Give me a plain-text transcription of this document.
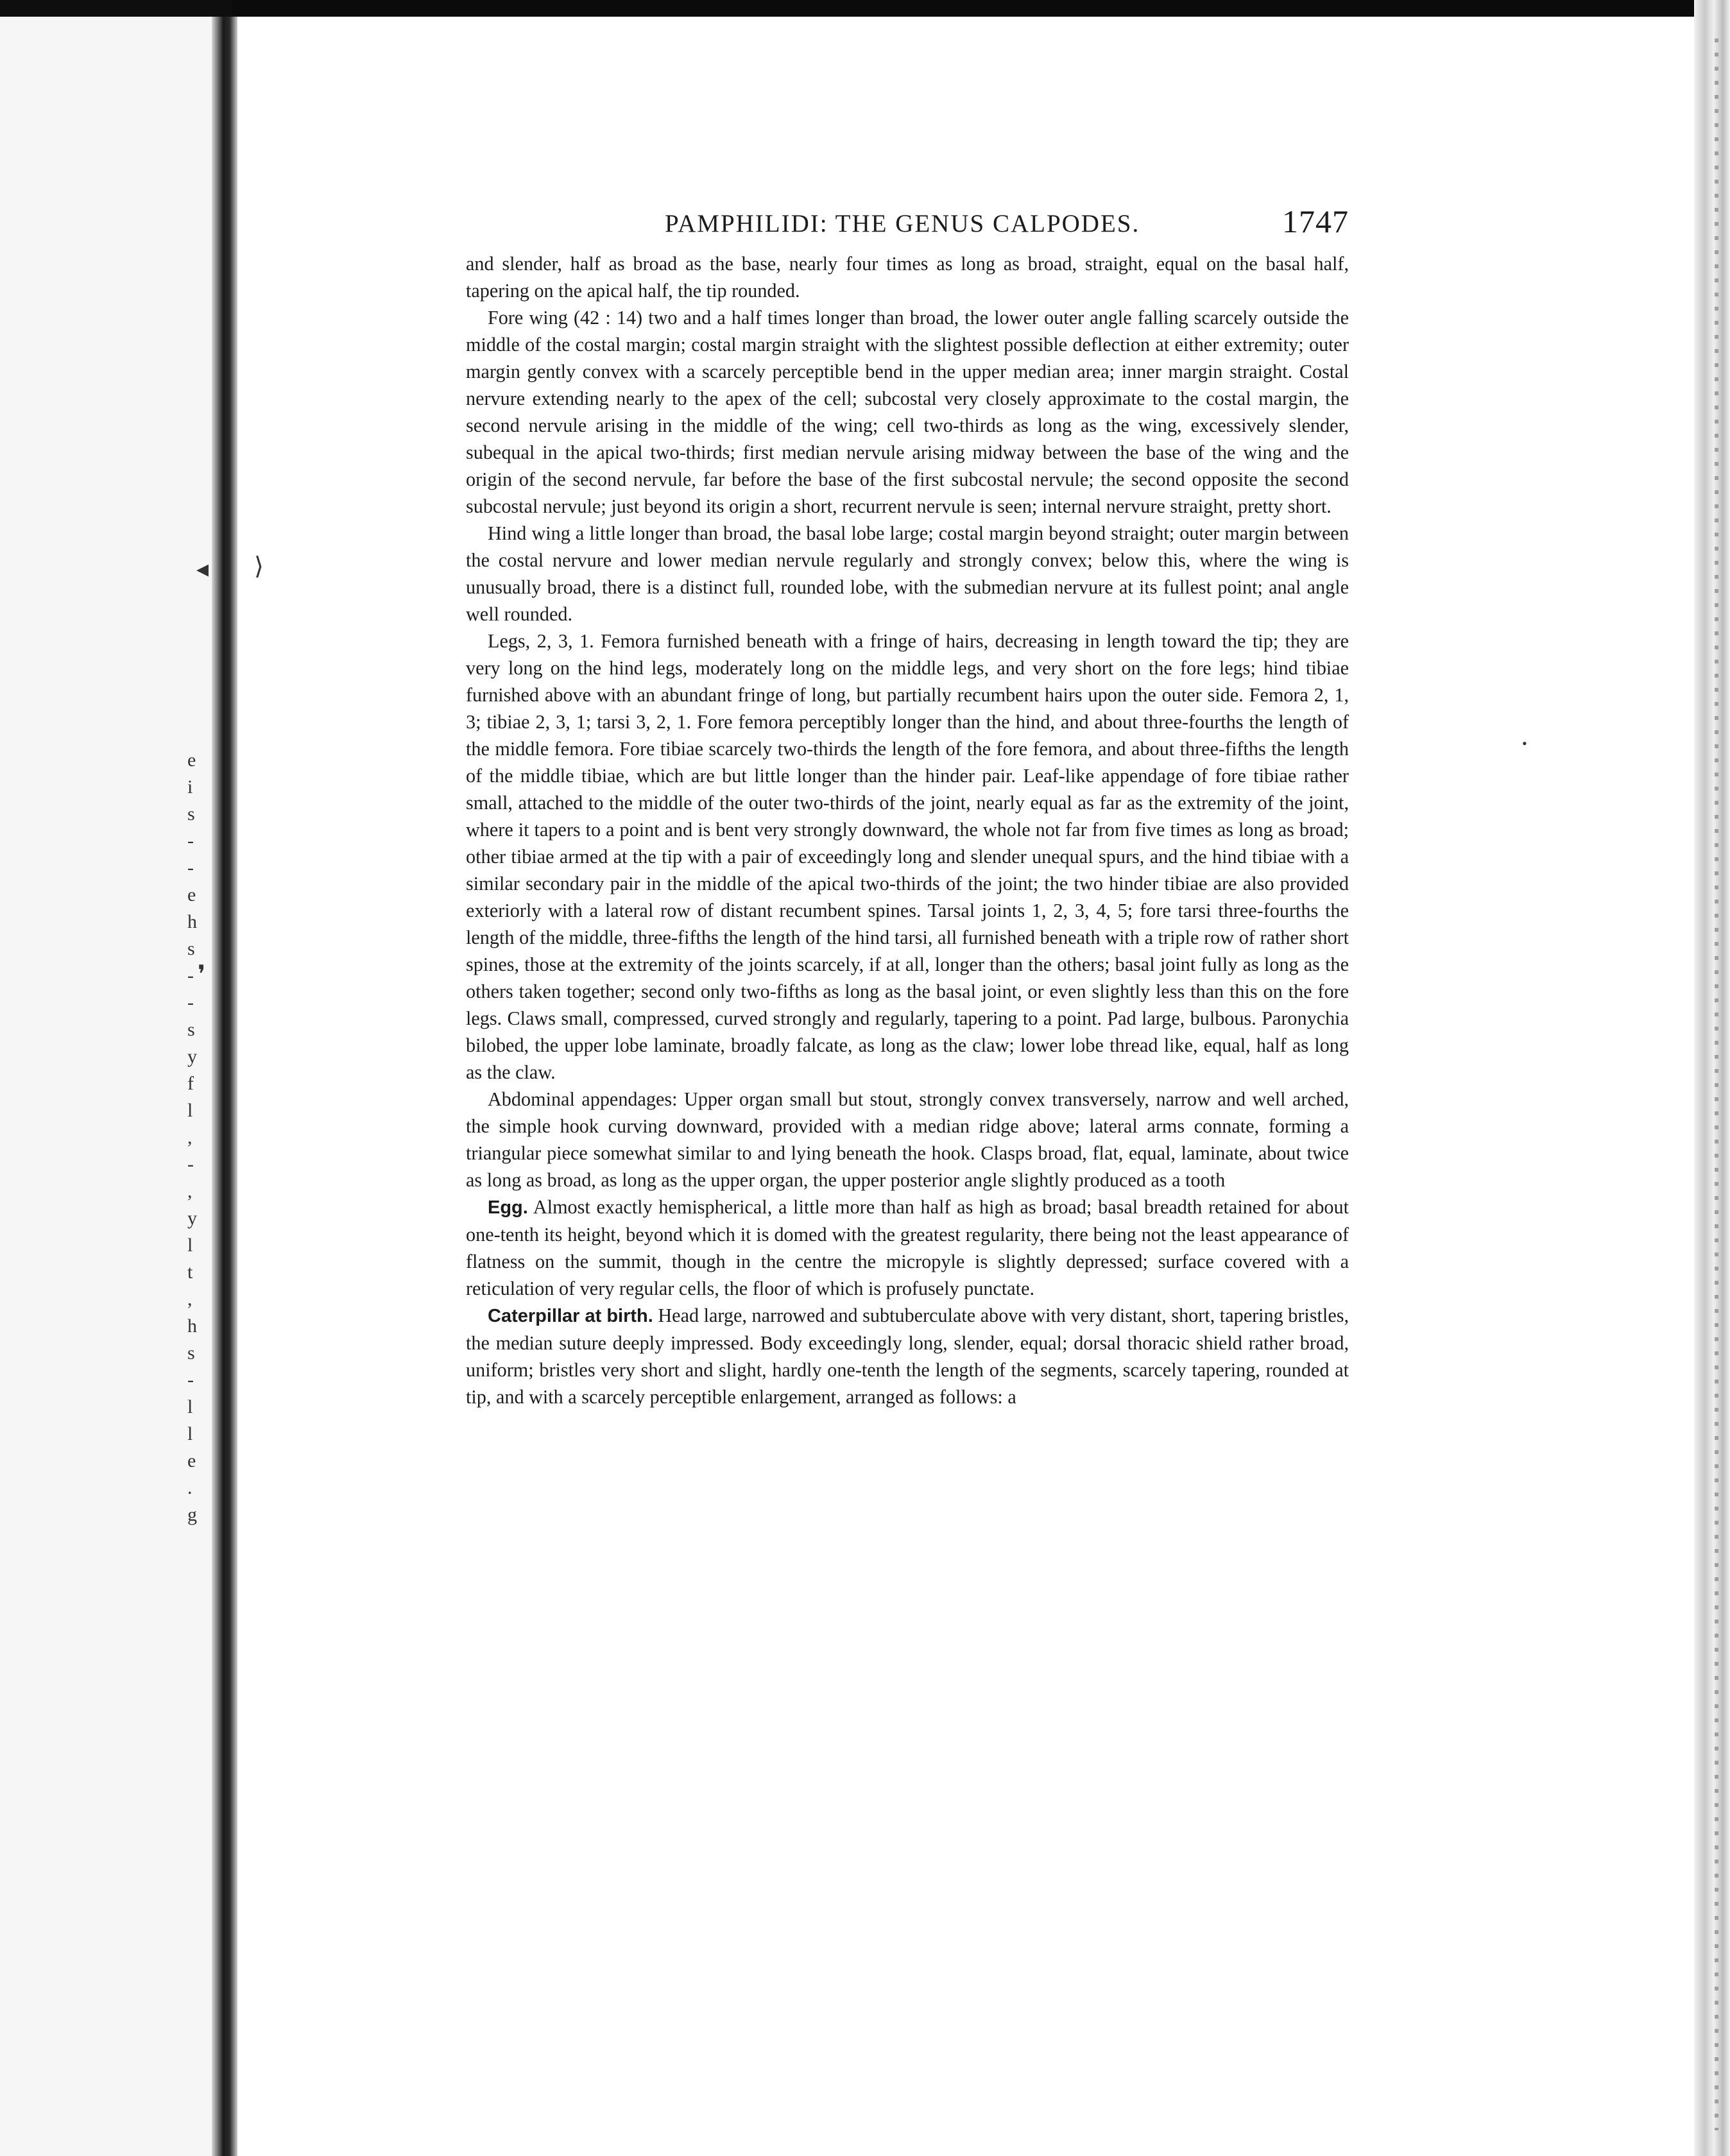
e
i
s
-
-
e
h
s
-
-
s
y
f
l
,
-
,
y
l
t
,
h
s
-
l
l
e
.
g
◂ ⟩
❜
•
PAMPHILIDI: THE GENUS CALPODES.	1747

and slender, half as broad as the base, nearly four times as long as broad, straight, equal on the basal half, tapering on the apical half, the tip rounded.

Fore wing (42 : 14) two and a half times longer than broad, the lower outer angle falling scarcely outside the middle of the costal margin; costal margin straight with the slightest possible deflection at either extremity; outer margin gently convex with a scarcely perceptible bend in the upper median area; inner margin straight. Costal nervure extending nearly to the apex of the cell; subcostal very closely approximate to the costal margin, the second nervule arising in the middle of the wing; cell two-thirds as long as the wing, excessively slender, subequal in the apical two-thirds; first median nervule arising midway between the base of the wing and the origin of the second nervule, far before the base of the first subcostal nervule; the second opposite the second subcostal nervule; just beyond its origin a short, recurrent nervule is seen; internal nervure straight, pretty short.

Hind wing a little longer than broad, the basal lobe large; costal margin beyond straight; outer margin between the costal nervure and lower median nervule regularly and strongly convex; below this, where the wing is unusually broad, there is a distinct full, rounded lobe, with the submedian nervure at its fullest point; anal angle well rounded.

Legs, 2, 3, 1. Femora furnished beneath with a fringe of hairs, decreasing in length toward the tip; they are very long on the hind legs, moderately long on the middle legs, and very short on the fore legs; hind tibiae furnished above with an abundant fringe of long, but partially recumbent hairs upon the outer side. Femora 2, 1, 3; tibiae 2, 3, 1; tarsi 3, 2, 1. Fore femora perceptibly longer than the hind, and about three-fourths the length of the middle femora. Fore tibiae scarcely two-thirds the length of the fore femora, and about three-fifths the length of the middle tibiae, which are but little longer than the hinder pair. Leaf-like appendage of fore tibiae rather small, attached to the middle of the outer two-thirds of the joint, nearly equal as far as the extremity of the joint, where it tapers to a point and is bent very strongly downward, the whole not far from five times as long as broad; other tibiae armed at the tip with a pair of exceedingly long and slender unequal spurs, and the hind tibiae with a similar secondary pair in the middle of the apical two-thirds of the joint; the two hinder tibiae are also provided exteriorly with a lateral row of distant recumbent spines. Tarsal joints 1, 2, 3, 4, 5; fore tarsi three-fourths the length of the middle, three-fifths the length of the hind tarsi, all furnished beneath with a triple row of rather short spines, those at the extremity of the joints scarcely, if at all, longer than the others; basal joint fully as long as the others taken together; second only two-fifths as long as the basal joint, or even slightly less than this on the fore legs. Claws small, compressed, curved strongly and regularly, tapering to a point. Pad large, bulbous. Paronychia bilobed, the upper lobe laminate, broadly falcate, as long as the claw; lower lobe thread like, equal, half as long as the claw.

Abdominal appendages: Upper organ small but stout, strongly convex transversely, narrow and well arched, the simple hook curving downward, provided with a median ridge above; lateral arms connate, forming a triangular piece somewhat similar to and lying beneath the hook. Clasps broad, flat, equal, laminate, about twice as long as broad, as long as the upper organ, the upper posterior angle slightly produced as a tooth

Egg. Almost exactly hemispherical, a little more than half as high as broad; basal breadth retained for about one-tenth its height, beyond which it is domed with the greatest regularity, there being not the least appearance of flatness on the summit, though in the centre the micropyle is slightly depressed; surface covered with a reticulation of very regular cells, the floor of which is profusely punctate.

Caterpillar at birth. Head large, narrowed and subtuberculate above with very distant, short, tapering bristles, the median suture deeply impressed. Body exceedingly long, slender, equal; dorsal thoracic shield rather broad, uniform; bristles very short and slight, hardly one-tenth the length of the segments, scarcely tapering, rounded at tip, and with a scarcely perceptible enlargement, arranged as follows: a
